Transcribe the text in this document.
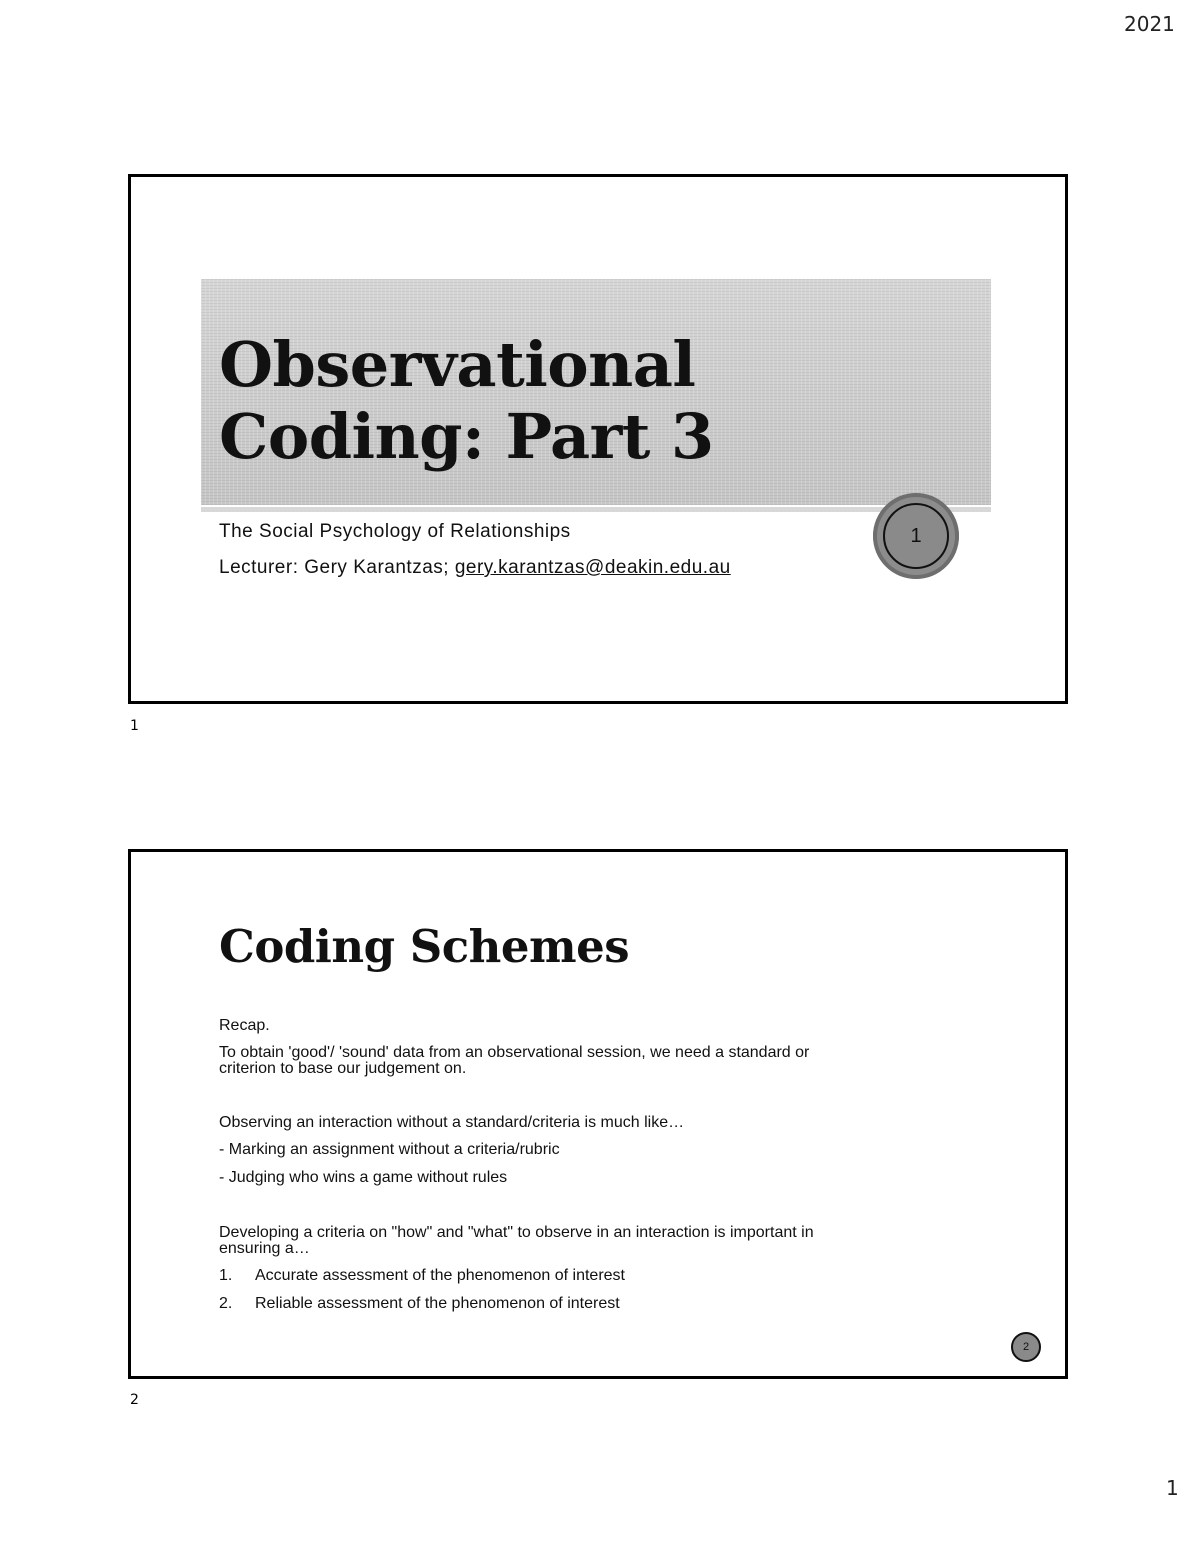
2021
Observational
Coding: Part 3
The Social Psychology of Relationships
Lecturer: Gery Karantzas; gery.karantzas@deakin.edu.au
1
1
Coding Schemes
Recap.
To obtain 'good'/ 'sound' data from an observational session, we need a standard or
criterion to base our judgement on.
Observing an interaction without a standard/criteria is much like…
- Marking an assignment without a criteria/rubric
- Judging who wins a game without rules
Developing a criteria on "how" and "what" to observe in an interaction is important in
ensuring a…
1. Accurate assessment of the phenomenon of interest
2. Reliable assessment of the phenomenon of interest
2
2
1
